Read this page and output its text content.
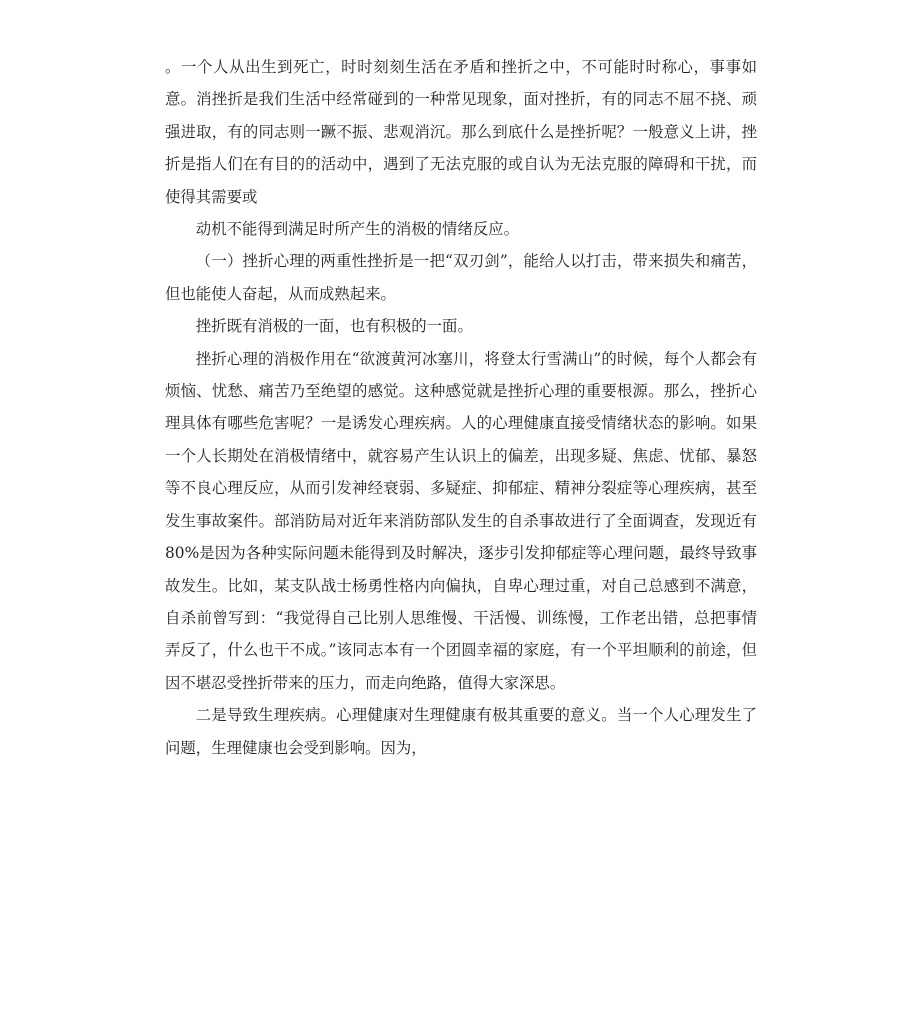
。一个人从出生到死亡，时时刻刻生活在矛盾和挫折之中，不可能时时称心，事事如意。消挫折是我们生活中经常碰到的一种常见现象，面对挫折，有的同志不屈不挠、顽强进取，有的同志则一蹶不振、悲观消沉。那么到底什么是挫折呢？一般意义上讲，挫折是指人们在有目的的活动中，遇到了无法克服的或自认为无法克服的障碍和干扰，而使得其需要或

动机不能得到满足时所产生的消极的情绪反应。

（一）挫折心理的两重性挫折是一把“双刃剑”，能给人以打击，带来损失和痛苦，但也能使人奋起，从而成熟起来。

挫折既有消极的一面，也有积极的一面。

挫折心理的消极作用在“欲渡黄河冰塞川，将登太行雪满山”的时候，每个人都会有烦恼、忧愁、痛苦乃至绝望的感觉。这种感觉就是挫折心理的重要根源。那么，挫折心理具体有哪些危害呢？一是诱发心理疾病。人的心理健康直接受情绪状态的影响。如果一个人长期处在消极情绪中，就容易产生认识上的偏差，出现多疑、焦虑、忧郁、暴怒等不良心理反应，从而引发神经衰弱、多疑症、抑郁症、精神分裂症等心理疾病，甚至发生事故案件。部消防局对近年来消防部队发生的自杀事故进行了全面调查，发现近有80%是因为各种实际问题未能得到及时解决，逐步引发抑郁症等心理问题，最终导致事故发生。比如，某支队战士杨勇性格内向偏执，自卑心理过重，对自己总感到不满意，自杀前曾写到：“我觉得自己比别人思维慢、干活慢、训练慢，工作老出错，总把事情弄反了，什么也干不成。”该同志本有一个团圆幸福的家庭，有一个平坦顺利的前途，但因不堪忍受挫折带来的压力，而走向绝路，值得大家深思。

二是导致生理疾病。心理健康对生理健康有极其重要的意义。当一个人心理发生了问题，生理健康也会受到影响。因为，
